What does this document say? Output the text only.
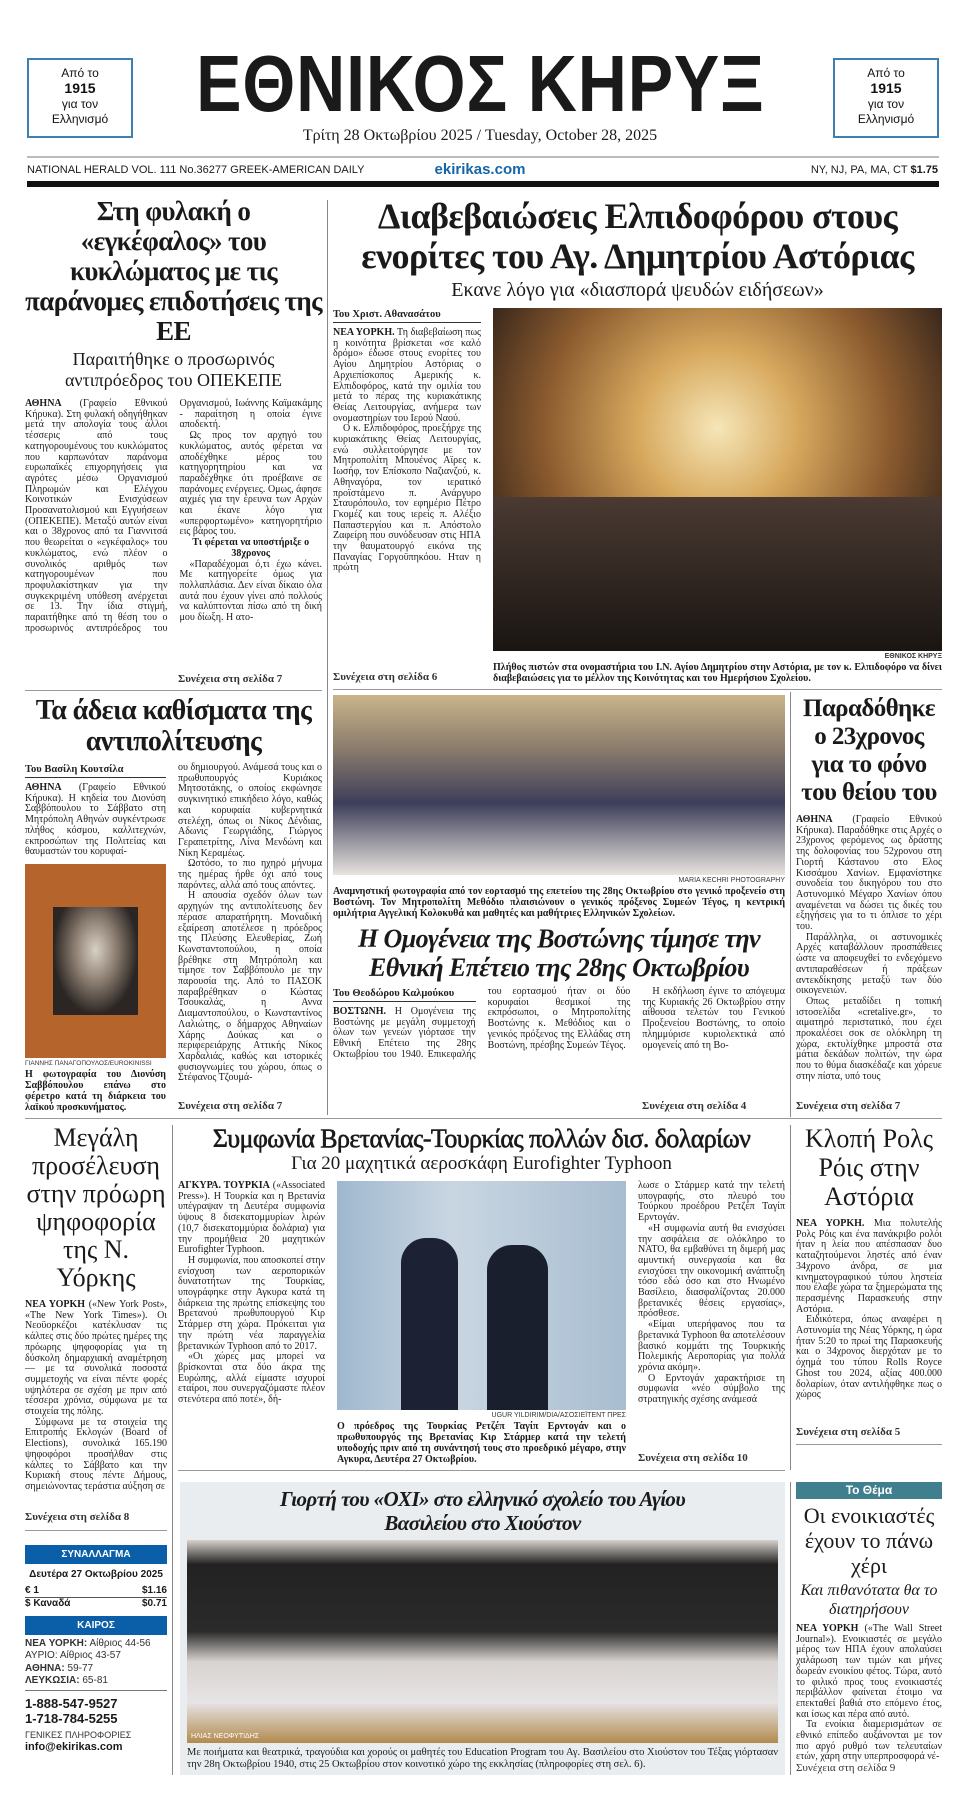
Από το
1915
για τον
Ελληνισμό ΕΘΝΙΚΟΣ ΚΗΡΥΞ
Τρίτη 28 Οκτωβρίου 2025 / Tuesday, October 28, 2025
Από το
1915
για τον
Ελληνισμό
NATIONAL HERALD VOL. 111 No.36277 GREEK-AMERICAN DAILY	ekirikas.com	NY, NJ, PA, MA, CT $1.75
Στη φυλακή ο «εγκέφαλος» του κυκλώματος με τις παράνομες επιδοτήσεις της ΕΕ
Παραιτήθηκε ο προσωρινός αντιπρόεδρος του ΟΠΕΚΕΠΕ

ΑΘΗΝΑ (Γραφείο Εθνικού Κήρυκα). Στη φυλακή οδηγήθηκαν μετά την απολογία τους άλλοι τέσσερις από τους κατηγορουμένους του κυκλώματος που καρπωνόταν παράνομα ευρωπαϊκές επιχορηγήσεις για αγρότες μέσω Οργανισμού Πληρωμών και Ελέγχου Κοινοτικών Ενισχύσεων Προσανατολισμού και Εγγυήσεων (ΟΠΕΚΕΠΕ). Μεταξύ αυτών είναι και ο 38χρονος από τα Γιαννιτσά που θεωρείται ο «εγκέφαλος» του κυκλώματος, ενώ πλέον ο συνολικός αριθμός των κατηγορουμένων που προφυλακίστηκαν για την συγκεκριμένη υπόθεση ανέρχεται σε 13. Την ίδια στιγμή, παραιτήθηκε από τη θέση του ο προσωρινός αντιπρόεδρος του Οργανισμού, Ιωάννης Καϊμακάμης - παραίτηση η οποία έγινε αποδεκτή.

Ως προς τον αρχηγό του κυκλώματος, αυτός φέρεται να αποδέχθηκε μέρος του κατηγορητηρίου και να παραδέχθηκε ότι προέβαινε σε παράνομες ενέργειες. Ομως, άφησε αιχμές για την έρευνα των Αρχών και έκανε λόγο για «υπερφορτωμένο» κατηγορητήριο εις βάρος του.

Τι φέρεται να υποστήριξε ο 38χρονος

«Παραδέχομαι ό,τι έχω κάνει. Με κατηγορείτε όμως για πολλαπλάσια. Δεν είναι δίκαιο όλα αυτά που έχουν γίνει από πολλούς να καλύπτονται πίσω από τη δική μου δίωξη. Η ατο-

Συνέχεια στη σελίδα 7
Διαβεβαιώσεις Ελπιδοφόρου στους ενορίτες του Αγ. Δημητρίου Αστόριας
Εκανε λόγο για «διασπορά ψευδών ειδήσεων»
Του Χριστ. Αθανασάτου

ΝΕΑ ΥΟΡΚΗ. Τη διαβεβαίωση πως η κοινότητα βρίσκεται «σε καλό δρόμο» έδωσε στους ενορίτες του Αγίου Δημητρίου Αστόριας ο Αρχιεπίσκοπος Αμερικής κ. Ελπιδοφόρος, κατά την ομιλία του μετά το πέρας της κυριακάτικης Θείας Λειτουργίας, ανήμερα των ονομαστηρίων του Ιερού Ναού.

Ο κ. Ελπιδοφόρος, προεξήρχε της κυριακάτικης Θείας Λειτουργίας, ενώ συλλειτούργησε με τον Μητροπολίτη Μπουένος Αϊρες κ. Ιωσήφ, τον Επίσκοπο Ναζιανζού, κ. Αθηναγόρα, τον ιερατικό προϊστάμενο π. Ανάργυρο Σταυρόπουλο, τον εφημέριο Πέτρο Γκομέζ και τους ιερείς π. Αλέξιο Παπαστεργίου και π. Απόστολο Ζαφείρη που συνόδευσαν στις ΗΠΑ την θαυματουργό εικόνα της Παναγίας Γοργοϋπηκόου. Ηταν η πρώτη

Συνέχεια στη σελίδα 6
ΕΘΝΙΚΟΣ ΚΗΡΥΞ
Πλήθος πιστών στα ονομαστήρια του Ι.Ν. Αγίου Δημητρίου στην Αστόρια, με τον κ. Ελπιδοφόρο να δίνει διαβεβαιώσεις για το μέλλον της Κοινότητας και του Ημερήσιου Σχολείου.
Τα άδεια καθίσματα της αντιπολίτευσης
Του Βασίλη Κουτσίλα

ΑΘΗΝΑ (Γραφείο Εθνικού Κήρυκα). Η κηδεία του Διονύση Σαββόπουλου το Σάββατο στη Μητρόπολη Αθηνών συγκέντρωσε πλήθος κόσμου, καλλιτεχνών, εκπροσώπων της Πολιτείας και θαυμαστών του κορυφαί-

ΓΙΑΝΝΗΣ ΠΑΝΑΓΟΠΟΥΛΟΣ/EUROKINISSI
Η φωτογραφία του Διονύση Σαββόπουλου επάνω στο φέρετρο κατά τη διάρκεια του λαϊκού προσκυνήματος.

ου δημιουργού. Ανάμεσά τους και ο πρωθυπουργός Κυριάκος Μητσοτάκης, ο οποίος εκφώνησε συγκινητικό επικήδειο λόγο, καθώς και κορυφαία κυβερνητικά στελέχη, όπως οι Νίκος Δένδιας, Αδωνις Γεωργιάδης, Γιώργος Γεραπετρίτης, Λίνα Μενδώνη και Νίκη Κεραμέως.

Ωστόσο, το πιο ηχηρό μήνυμα της ημέρας ήρθε όχι από τους παρόντες, αλλά από τους απόντες.

Η απουσία σχεδόν όλων των αρχηγών της αντιπολίτευσης δεν πέρασε απαρατήρητη. Μοναδική εξαίρεση αποτέλεσε η πρόεδρος της Πλεύσης Ελευθερίας, Ζωή Κωνσταντοπούλου, η οποία βρέθηκε στη Μητρόπολη και τίμησε τον Σαββόπουλο με την παρουσία της. Από το ΠΑΣΟΚ παραβρέθηκαν ο Κώστας Τσουκαλάς, η Αννα Διαμαντοπούλου, ο Κωνσταντίνος Λαλιώτης, ο δήμαρχος Αθηναίων Χάρης Δούκας και ο περιφερειάρχης Αττικής Νίκος Χαρδαλιάς, καθώς και ιστορικές φυσιογνωμίες του χώρου, όπως ο Στέφανος Τζουμά-

Συνέχεια στη σελίδα 7
MARIA KECHRI PHOTOGRAPHY
Αναμνηστική φωτογραφία από τον εορτασμό της επετείου της 28ης Οκτωβρίου στο γενικό προξενείο στη Βοστώνη. Τον Μητροπολίτη Μεθόδιο πλαισιώνουν ο γενικός πρόξενος Συμεών Τέγος, η κεντρική ομιλήτρια Αγγελική Κολοκυθά και μαθητές και μαθήτριες Ελληνικών Σχολείων.
Η Ομογένεια της Βοστώνης τίμησε την Εθνική Επέτειο της 28ης Οκτωβρίου
Του Θεοδώρου Καλμούκου

ΒΟΣΤΩΝΗ. Η Ομογένεια της Βοστώνης με μεγάλη συμμετοχή όλων των γενεών γιόρτασε την Εθνική Επέτειο της 28ης Οκτωβρίου του 1940. Επικεφαλής του εορτασμού ήταν οι δύο κορυφαίοι θεσμικοί της εκπρόσωποι, ο Μητροπολίτης Βοστώνης κ. Μεθόδιος και ο γενικός πρόξενος της Ελλάδας στη Βοστώνη, πρέσβης Συμεών Τέγος.

Η εκδήλωση έγινε το απόγευμα της Κυριακής 26 Οκτωβρίου στην αίθουσα τελετών του Γενικού Προξενείου Βοστώνης, το οποίο πλημμύρισε κυριολεκτικά από ομογενείς από τη Βο-

Συνέχεια στη σελίδα 4
Παραδόθηκε ο 23χρονος για το φόνο του θείου του

ΑΘΗΝΑ (Γραφείο Εθνικού Κήρυκα). Παραδόθηκε στις Αρχές ο 23χρονος φερόμενος ως δράστης της δολοφονίας του 52χρονου στη Γιορτή Κάστανου στο Ελος Κισσάμου Χανίων. Εμφανίστηκε συνοδεία του δικηγόρου του στο Αστυνομικό Μέγαρο Χανίων όπου αναμένεται να δώσει τις δικές του εξηγήσεις για το τι όπλισε το χέρι του.

Παράλληλα, οι αστυνομικές Αρχές καταβάλλουν προσπάθειες ώστε να αποφευχθεί το ενδεχόμενο αντιπαραθέσεων ή πράξεων αντεκδίκησης μεταξύ των δύο οικογενειών.

Οπως μεταδίδει η τοπική ιστοσελίδα «cretalive.gr», το αιματηρό περιστατικό, που έχει προκαλέσει σοκ σε ολόκληρη τη χώρα, εκτυλίχθηκε μπροστά στα μάτια δεκάδων πολιτών, την ώρα που το θύμα διασκέδαζε και χόρευε στην πίστα, υπό τους

Συνέχεια στη σελίδα 7
Μεγάλη προσέλευση στην πρόωρη ψηφοφορία της Ν. Υόρκης

ΝΕΑ ΥΟΡΚΗ («New York Post», «The New York Times»). Οι Νεοϋορκέζοι κατέκλυσαν τις κάλπες στις δύο πρώτες ημέρες της πρόωρης ψηφοφορίας για τη δύσκολη δημαρχιακή αναμέτρηση — με τα συνολικά ποσοστά συμμετοχής να είναι πέντε φορές υψηλότερα σε σχέση με πριν από τέσσερα χρόνια, σύμφωνα με τα στοιχεία της πόλης.

Σύμφωνα με τα στοιχεία της Επιτροπής Εκλογών (Board of Elections), συνολικά 165.190 ψηφοφόροι προσήλθαν στις κάλπες το Σάββατο και την Κυριακή στους πέντε Δήμους, σημειώνοντας τεράστια αύξηση σε

Συνέχεια στη σελίδα 8
Συμφωνία Βρετανίας-Τουρκίας πολλών δισ. δολαρίων
Για 20 μαχητικά αεροσκάφη Eurofighter Typhoon

ΑΓΚΥΡΑ. ΤΟΥΡΚΙΑ («Associated Press»). Η Τουρκία και η Βρετανία υπέγραψαν τη Δευτέρα συμφωνία ύψους 8 δισεκατομμυρίων λιρών (10,7 δισεκατομμύρια δολάρια) για την προμήθεια 20 μαχητικών Eurofighter Typhoon.

Η συμφωνία, που αποσκοπεί στην ενίσχυση των αεροπορικών δυνατοτήτων της Τουρκίας, υπογράφηκε στην Αγκυρα κατά τη διάρκεια της πρώτης επίσκεψης του Βρετανού πρωθυπουργού Κιρ Στάρμερ στη χώρα. Πρόκειται για την πρώτη νέα παραγγελία βρετανικών Typhoon από το 2017.

«Οι χώρες μας μπορεί να βρίσκονται στα δύο άκρα της Ευρώπης, αλλά είμαστε ισχυροί εταίροι, που συνεργαζόμαστε πλέον στενότερα από ποτέ», δή-

UGUR YILDIRIM/DIA/ΑΣΟΣΙΕΪΤΕΝΤ ΠΡΕΣ
Ο πρόεδρος της Τουρκίας Ρετζέπ Ταγίπ Ερντογάν και ο πρωθυπουργός της Βρετανίας Κιρ Στάρμερ κατά την τελετή υποδοχής πριν από τη συνάντησή τους στο προεδρικό μέγαρο, στην Αγκυρα, Δευτέρα 27 Οκτωβρίου.

λωσε ο Στάρμερ κατά την τελετή υπογραφής, στο πλευρό του Τούρκου προέδρου Ρετζέπ Ταγίπ Ερντογάν.

«Η συμφωνία αυτή θα ενισχύσει την ασφάλεια σε ολόκληρο το ΝΑΤΟ, θα εμβαθύνει τη διμερή μας αμυντική συνεργασία και θα ενισχύσει την οικονομική ανάπτυξη τόσο εδώ όσο και στο Ηνωμένο Βασίλειο, διασφαλίζοντας 20.000 βρετανικές θέσεις εργασίας», πρόσθεσε.

«Είμαι υπερήφανος που τα βρετανικά Typhoon θα αποτελέσουν βασικό κομμάτι της Τουρκικής Πολεμικής Αεροπορίας για πολλά χρόνια ακόμη».

Ο Ερντογάν χαρακτήρισε τη συμφωνία «νέο σύμβολο της στρατηγικής σχέσης ανάμεσά

Συνέχεια στη σελίδα 10
Κλοπή Ρολς Ρόις στην Αστόρια

ΝΕΑ ΥΟΡΚΗ. Μια πολυτελής Ρολς Ρόις και ένα πανάκριβο ρολόι ήταν η λεία που απέσπασαν δυο καταζητούμενοι ληστές από έναν 34χρονο άνδρα, σε μια κινηματογραφικού τύπου ληστεία που έλαβε χώρα τα ξημερώματα της περασμένης Παρασκευής στην Αστόρια.

Ειδικότερα, όπως αναφέρει η Αστυνομία της Νέας Υόρκης, η ώρα ήταν 5:20 το πρωί της Παρασκευής και ο 34χρονος διερχόταν με το όχημά του τύπου Rolls Royce Ghost του 2024, αξίας 400.000 δολαρίων, όταν αντιλήφθηκε πως ο χώρος

Συνέχεια στη σελίδα 5
ΣΥΝΑΛΛΑΓΜΑ
Δευτέρα 27 Οκτωβρίου 2025
€ 1	$1.16
$ Καναδά	$0.71
ΚΑΙΡΟΣ
ΝΕΑ ΥΟΡΚΗ: Αίθριος 44-56
ΑΥΡΙΟ: Αίθριος 43-57
ΑΘΗΝΑ: 59-77
ΛΕΥΚΩΣΙΑ: 65-81
1-888-547-9527
1-718-784-5255
ΓΕΝΙΚΕΣ ΠΛΗΡΟΦΟΡΙΕΣ
info@ekirikas.com
Γιορτή του «ΟΧΙ» στο ελληνικό σχολείο του Αγίου Βασιλείου στο Χιούστον
ΗΛΙΑΣ ΝΕΟΦΥΤΙΔΗΣ
Με ποιήματα και θεατρικά, τραγούδια και χορούς οι μαθητές του Education Program του Αγ. Βασιλείου στο Χιούστον του Τέξας γιόρτασαν την 28η Οκτωβρίου 1940, στις 25 Οκτωβρίου στον κοινοτικό χώρο της εκκλησίας (πληροφορίες στη σελ. 6).
Το Θέμα
Οι ενοικιαστές έχουν το πάνω χέρι
Και πιθανότατα θα το διατηρήσουν

ΝΕΑ ΥΟΡΚΗ («The Wall Street Journal»). Ενοικιαστές σε μεγάλο μέρος των ΗΠΑ έχουν απολαύσει χαλάρωση των τιμών και μήνες δωρεάν ενοικίου φέτος. Τώρα, αυτό το φιλικό προς τους ενοικιαστές περιβάλλον φαίνεται έτοιμο να επεκταθεί βαθιά στο επόμενο έτος, και ίσως και πέρα από αυτό.

Τα ενοίκια διαμερισμάτων σε εθνικό επίπεδο αυξάνονται με τον πιο αργό ρυθμό των τελευταίων ετών, χάρη στην υπερπροσφορά νέ-

Συνέχεια στη σελίδα 9
